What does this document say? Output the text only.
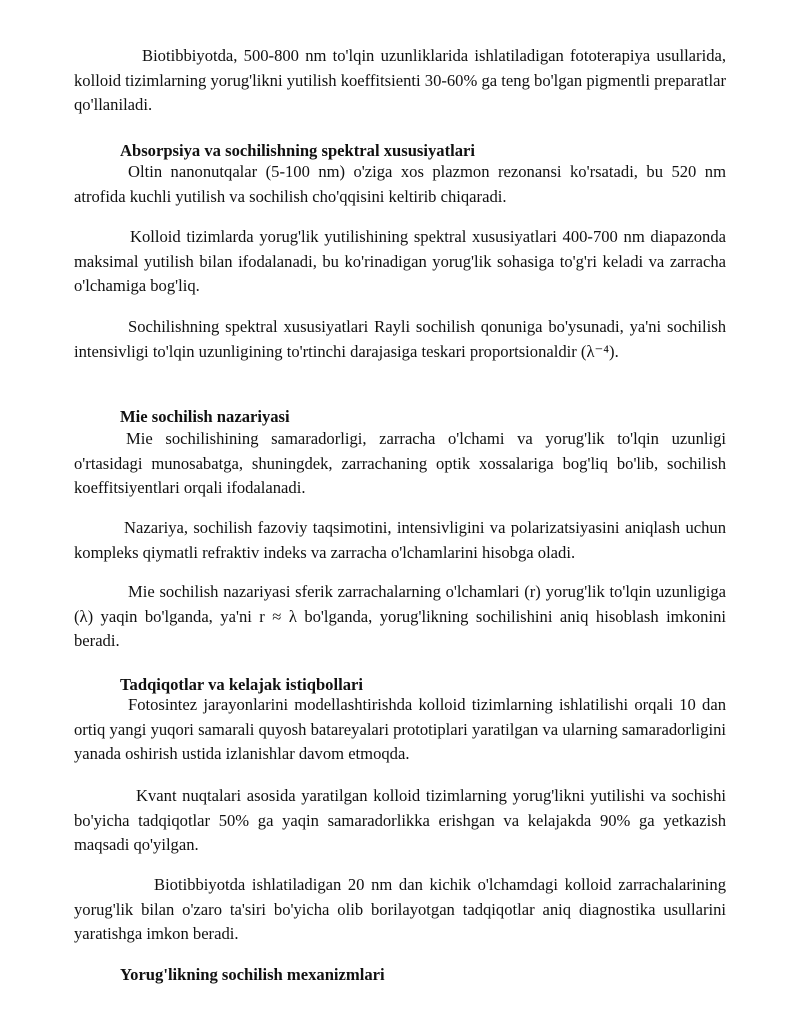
Biotibbiyotda, 500-800 nm to'lqin uzunliklarida ishlatiladigan fototerapiya usullarida, kolloid tizimlarning yorug'likni yutilish koeffitsienti 30-60% ga teng bo'lgan pigmentli preparatlar qo'llaniladi.

Absorpsiya va sochilishning spektral xususiyatlari

Oltin nanonutqalar (5-100 nm) o'ziga xos plazmon rezonansi ko'rsatadi, bu 520 nm atrofida kuchli yutilish va sochilish cho'qqisini keltirib chiqaradi.

Kolloid tizimlarda yorug'lik yutilishining spektral xususiyatlari 400-700 nm diapazonda maksimal yutilish bilan ifodalanadi, bu ko'rinadigan yorug'lik sohasiga to'g'ri keladi va zarracha o'lchamiga bog'liq.

Sochilishning spektral xususiyatlari Rayli sochilish qonuniga bo'ysunadi, ya'ni sochilish intensivligi to'lqin uzunligining to'rtinchi darajasiga teskari proportsionaldir (λ⁻⁴).

Mie sochilish nazariyasi

Mie sochilishining samaradorligi, zarracha o'lchami va yorug'lik to'lqin uzunligi o'rtasidagi munosabatga, shuningdek, zarrachaning optik xossalariga bog'liq bo'lib, sochilish koeffitsiyentlari orqali ifodalanadi.

Nazariya, sochilish fazoviy taqsimotini, intensivligini va polarizatsiyasini aniqlash uchun kompleks qiymatli refraktiv indeks va zarracha o'lchamlarini hisobga oladi.

Mie sochilish nazariyasi sferik zarrachalarning o'lchamlari (r) yorug'lik to'lqin uzunligiga (λ) yaqin bo'lganda, ya'ni r ≈ λ bo'lganda, yorug'likning sochilishini aniq hisoblash imkonini beradi.

Tadqiqotlar va kelajak istiqbollari

Fotosintez jarayonlarini modellashtirishda kolloid tizimlarning ishlatilishi orqali 10 dan ortiq yangi yuqori samarali quyosh batareyalari prototiplari yaratilgan va ularning samaradorligini yanada oshirish ustida izlanishlar davom etmoqda.

Kvant nuqtalari asosida yaratilgan kolloid tizimlarning yorug'likni yutilishi va sochishi bo'yicha tadqiqotlar 50% ga yaqin samaradorlikka erishgan va kelajakda 90% ga yetkazish maqsadi qo'yilgan.

Biotibbiyotda ishlatiladigan 20 nm dan kichik o'lchamdagi kolloid zarrachalarining yorug'lik bilan o'zaro ta'siri bo'yicha olib borilayotgan tadqiqotlar aniq diagnostika usullarini yaratishga imkon beradi.

Yorug'likning sochilish mexanizmlari
